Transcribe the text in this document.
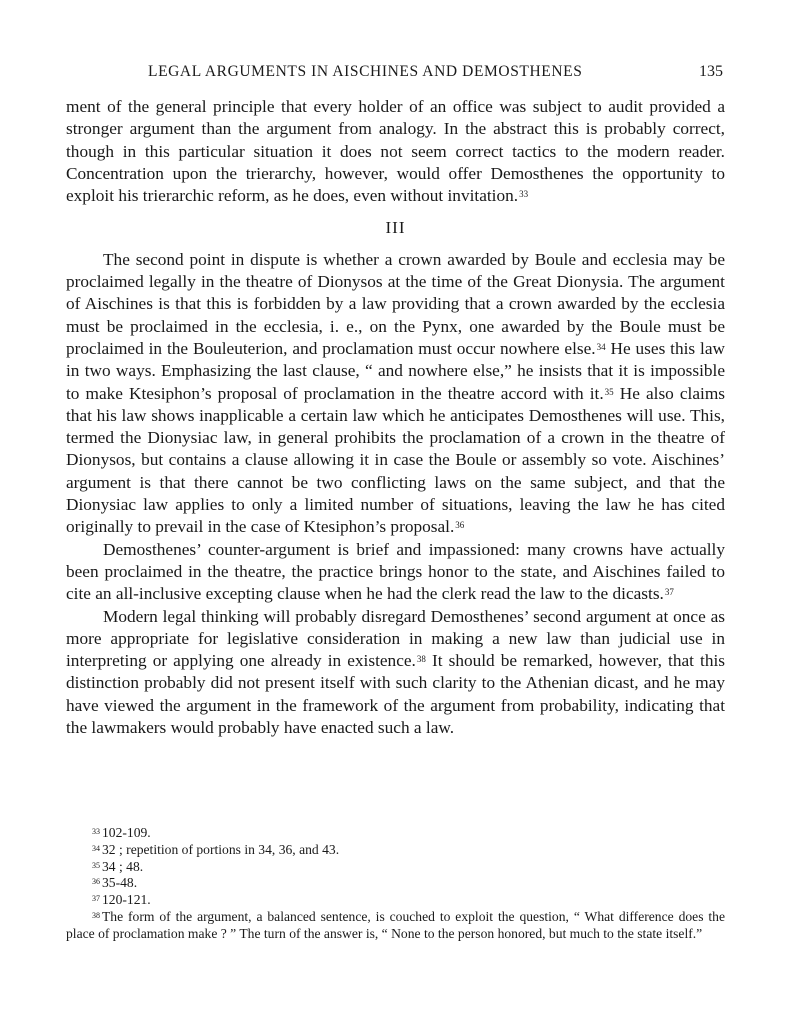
LEGAL ARGUMENTS IN AISCHINES AND DEMOSTHENES	135

ment of the general principle that every holder of an office was subject to audit provided a stronger argument than the argument from analogy. In the abstract this is probably correct, though in this particular situation it does not seem correct tactics to the modern reader. Concentration upon the trierarchy, however, would offer Demosthenes the opportunity to exploit his trierarchic reform, as he does, even without invitation.$^{33}$

III

The second point in dispute is whether a crown awarded by Boule and ecclesia may be proclaimed legally in the theatre of Dionysos at the time of the Great Dionysia. The argument of Aischines is that this is forbidden by a law providing that a crown awarded by the ecclesia must be proclaimed in the ecclesia, i. e., on the Pynx, one awarded by the Boule must be proclaimed in the Bouleuterion, and proclamation must occur nowhere else.$^{34}$ He uses this law in two ways. Emphasizing the last clause, “ and nowhere else,” he insists that it is impossible to make Ktesiphon’s proposal of proclamation in the theatre accord with it.$^{35}$ He also claims that his law shows inapplicable a certain law which he anticipates Demosthenes will use. This, termed the Dionysiac law, in general prohibits the proclamation of a crown in the theatre of Dionysos, but contains a clause allowing it in case the Boule or assembly so vote. Aischines’ argument is that there cannot be two conflicting laws on the same subject, and that the Dionysiac law applies to only a limited number of situations, leaving the law he has cited originally to prevail in the case of Ktesiphon’s proposal.$^{36}$

Demosthenes’ counter-argument is brief and impassioned: many crowns have actually been proclaimed in the theatre, the practice brings honor to the state, and Aischines failed to cite an all-inclusive excepting clause when he had the clerk read the law to the dicasts.$^{37}$

Modern legal thinking will probably disregard Demosthenes’ second argument at once as more appropriate for legislative consideration in making a new law than judicial use in interpreting or applying one already in existence.$^{38}$ It should be remarked, however, that this distinction probably did not present itself with such clarity to the Athenian dicast, and he may have viewed the argument in the framework of the argument from probability, indicating that the lawmakers would probably have enacted such a law.

$^{33}$ 102-109.

$^{34}$ 32 ; repetition of portions in 34, 36, and 43.

$^{35}$ 34 ; 48.

$^{36}$ 35-48.

$^{37}$ 120-121.

$^{38}$ The form of the argument, a balanced sentence, is couched to exploit the question, “ What difference does the place of proclamation make ? ” The turn of the answer is, “ None to the person honored, but much to the state itself.”
